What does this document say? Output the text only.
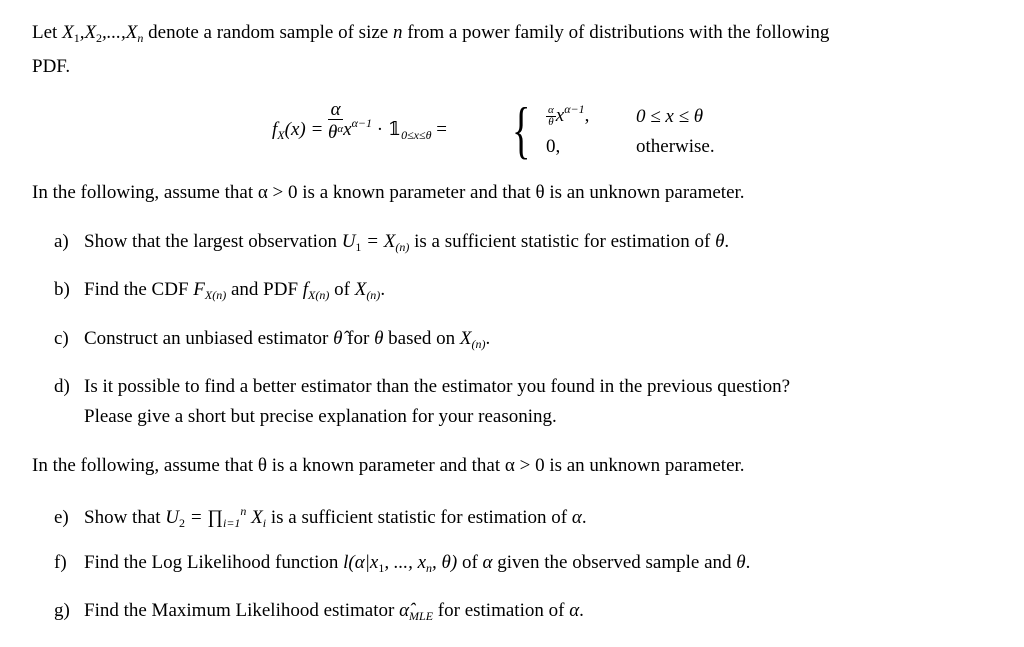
Let $X_1,X_2,...,X_n$ denote a random sample of size n from a power family of distributions with the following
PDF.
$f_X(x) = \frac{\alpha}{\theta^\alpha} x^{\alpha-1}$ · $𝟙_{0\le x\le\theta}$ = { $\frac{\alpha}{\theta} x^{\alpha-1}$, 0 ≤ x ≤ θ
0,	otherwise.
In the following, assume that α > 0 is a known parameter and that θ is an unknown parameter.
a) Show that the largest observation $U_1 = X_{(n)}$ is a sufficient statistic for estimation of θ.
b) Find the CDF $F_{X(n)}$ and PDF $f_{X(n)}$ of $X_{(n)}$.
c) Construct an unbiased estimator θ̂ for θ based on $X_{(n)}$.
d) Is it possible to find a better estimator than the estimator you found in the previous question?
Please give a short but precise explanation for your reasoning.
In the following, assume that θ is a known parameter and that α > 0 is an unknown parameter.
e) Show that $U_2$ = $\prod_{i=1}^n$ $X_i$ is a sufficient statistic for estimation of α.
f) Find the Log Likelihood function $l(\alpha|x_1$, ..., $x_n$, θ) of α given the observed sample and θ.
g) Find the Maximum Likelihood estimator $\alphâ_{MLE}$ for estimation of α.
